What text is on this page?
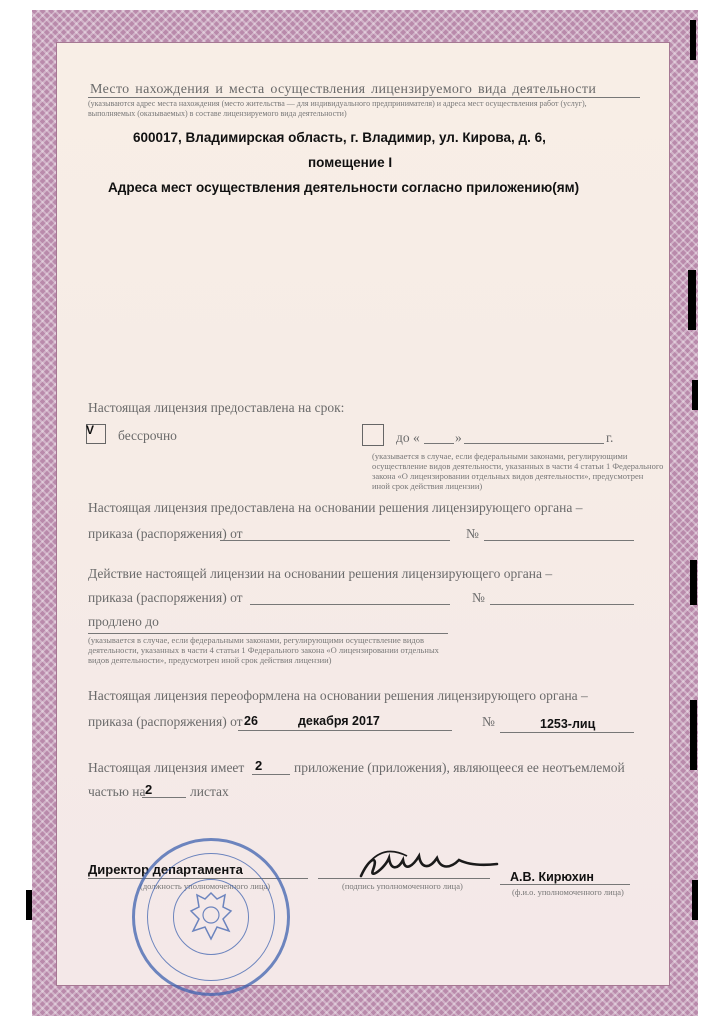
Место нахождения и места осуществления лицензируемого вида деятельности
(указываются адрес места нахождения (место жительства — для индивидуального предпринимателя) и адреса мест осуществления работ (услуг),
выполняемых (оказываемых) в составе лицензируемого вида деятельности)
600017, Владимирская область, г. Владимир, ул. Кирова, д. 6,
помещение I
Адреса мест осуществления деятельности согласно приложению(ям)
Настоящая лицензия предоставлена на срок:
V бессрочно	до «	»	г.
(указывается в случае, если федеральными законами, регулирующими
осуществление видов деятельности, указанных в части 4 статьи 1 Федерального
закона «О лицензировании отдельных видов деятельности», предусмотрен
иной срок действия лицензии)
Настоящая лицензия предоставлена на основании решения лицензирующего органа –
приказа (распоряжения) от	№
Действие настоящей лицензии на основании решения лицензирующего органа –
приказа (распоряжения) от	№
продлено до
(указывается в случае, если федеральными законами, регулирующими осуществление видов
деятельности, указанных в части 4 статьи 1 Федерального закона «О лицензировании отдельных
видов деятельности», предусмотрен иной срок действия лицензии)
Настоящая лицензия переоформлена на основании решения лицензирующего органа –
приказа (распоряжения) от 26	декабря 2017	№	1253-лиц
Настоящая лицензия имеет 2 приложение (приложения), являющееся ее неотъемлемой
частью на 2	листах
Директор департамента
(должность уполномоченного лица)	(подпись уполномоченного лица)
А.В. Кирюхин
(ф.и.о. уполномоченного лица)
